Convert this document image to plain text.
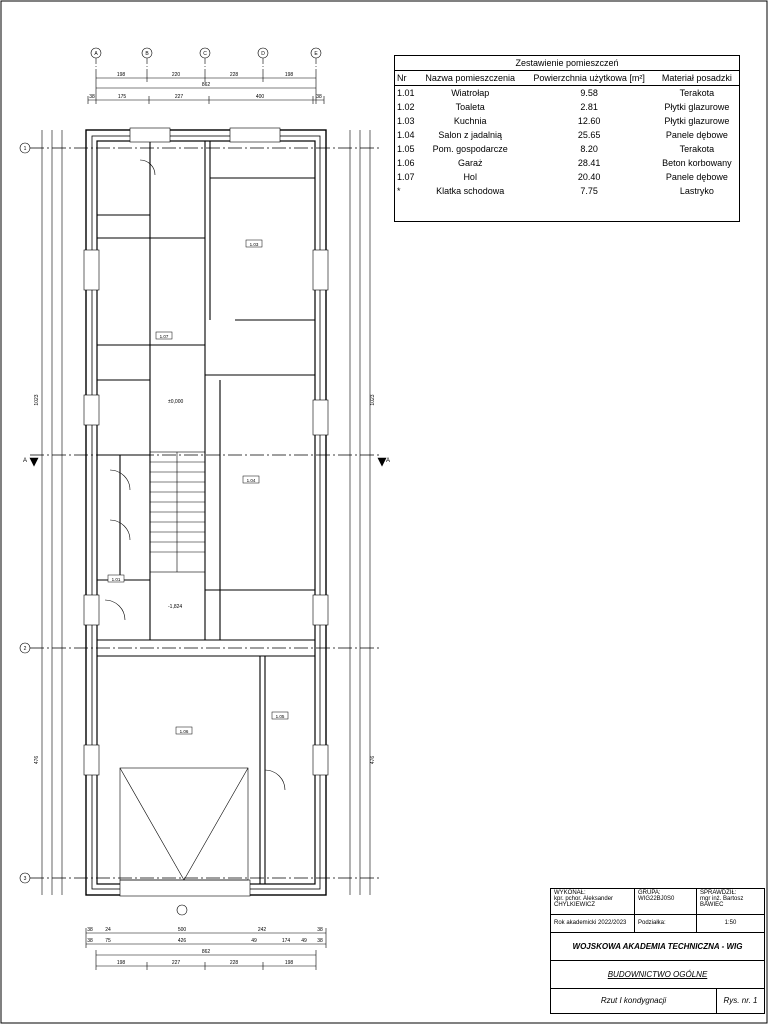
198	220	228	198
862
38	175	227	400	38
A	B	C	D	E
1
2
3
1023
476
1023
476
1.07
1.06
1.04
1.03
1.05
1.01
±0,000
-1,824
A	A
38 24	500	242	38
38 75	426	49	174 49 38
862
198	227	228	198
Zestawienie pomieszczeń
Nr	Nazwa pomieszczenia	Powierzchnia użytkowa [m²]	Materiał posadzki
1.01	Wiatrołap	9.58	Terakota
1.02	Toaleta	2.81	Płytki glazurowe
1.03	Kuchnia	12.60	Płytki glazurowe
1.04	Salon z jadalnią	25.65	Panele dębowe
1.05	Pom. gospodarcze	8.20	Terakota
1.06	Garaż	28.41	Beton korbowany
1.07	Hol	20.40	Panele dębowe
*	Klatka schodowa	7.75	Lastryko
WYKONAŁ:
kpr. pchor. Aleksander CHYLKIEWICZ
GRUPA:
WIG22BJ0S0
SPRAWDZIŁ:
mgr inż. Bartosz BAWIEC
Rok akademicki 2022/2023	Podziałka:	1:50
WOJSKOWA AKADEMIA TECHNICZNA - WIG
BUDOWNICTWO OGÓLNE
Rzut I kondygnacji	Rys. nr. 1
